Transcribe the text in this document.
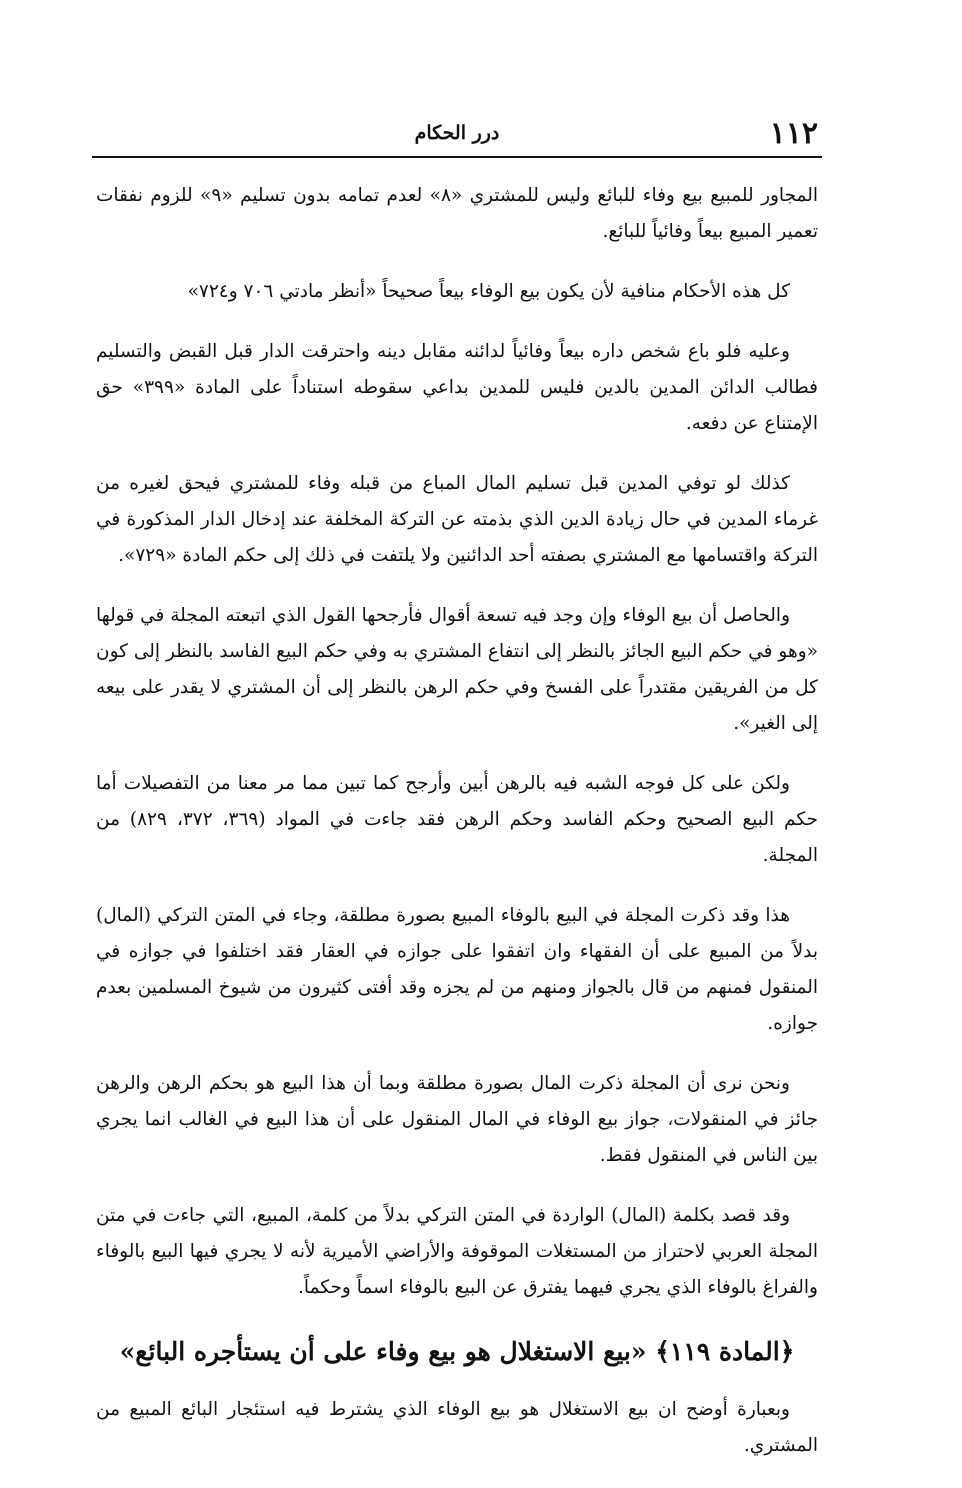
١١٢
درر الحكام

المجاور للمبيع بيع وفاء للبائع وليس للمشتري «٨» لعدم تمامه بدون تسليم «٩» للزوم نفقات تعمير المبيع بيعاً وفائياً للبائع.

كل هذه الأحكام منافية لأن يكون بيع الوفاء بيعاً صحيحاً «أنظر مادتي ٧٠٦ و٧٢٤»

وعليه فلو باع شخص داره بيعاً وفائياً لدائنه مقابل دينه واحترقت الدار قبل القبض والتسليم فطالب الدائن المدين بالدين فليس للمدين بداعي سقوطه استناداً على المادة «٣٩٩» حق الإمتناع عن دفعه.

كذلك لو توفي المدين قبل تسليم المال المباع من قبله وفاء للمشتري فيحق لغيره من غرماء المدين في حال زيادة الدين الذي بذمته عن التركة المخلفة عند إدخال الدار المذكورة في التركة واقتسامها مع المشتري بصفته أحد الدائنين ولا يلتفت في ذلك إلى حكم المادة «٧٢٩».

والحاصل أن بيع الوفاء وإن وجد فيه تسعة أقوال فأرجحها القول الذي اتبعته المجلة في قولها «وهو في حكم البيع الجائز بالنظر إلى انتفاع المشتري به وفي حكم البيع الفاسد بالنظر إلى كون كل من الفريقين مقتدراً على الفسخ وفي حكم الرهن بالنظر إلى أن المشتري لا يقدر على بيعه إلى الغير».

ولكن على كل فوجه الشبه فيه بالرهن أبين وأرجح كما تبين مما مر معنا من التفصيلات أما حكم البيع الصحيح وحكم الفاسد وحكم الرهن فقد جاءت في المواد (٣٦٩، ٣٧٢، ٨٢٩) من المجلة.

هذا وقد ذكرت المجلة في البيع بالوفاء المبيع بصورة مطلقة، وجاء في المتن التركي (المال) بدلاً من المبيع على أن الفقهاء وان اتفقوا على جوازه في العقار فقد اختلفوا في جوازه في المنقول فمنهم من قال بالجواز ومنهم من لم يجزه وقد أفتى كثيرون من شيوخ المسلمين بعدم جوازه.

ونحن نرى أن المجلة ذكرت المال بصورة مطلقة وبما أن هذا البيع هو بحكم الرهن والرهن جائز في المنقولات، جواز بيع الوفاء في المال المنقول على أن هذا البيع في الغالب انما يجري بين الناس في المنقول فقط.

وقد قصد بكلمة (المال) الواردة في المتن التركي بدلاً من كلمة، المبيع، التي جاءت في متن المجلة العربي لاحتراز من المستغلات الموقوفة والأراضي الأميرية لأنه لا يجري فيها البيع بالوفاء والفراغ بالوفاء الذي يجري فيهما يفترق عن البيع بالوفاء اسماً وحكماً.

﴿المادة ١١٩﴾ «بيع الاستغلال هو بيع وفاء على أن يستأجره البائع»

وبعبارة أوضح ان بيع الاستغلال هو بيع الوفاء الذي يشترط فيه استئجار البائع المبيع من المشتري.
